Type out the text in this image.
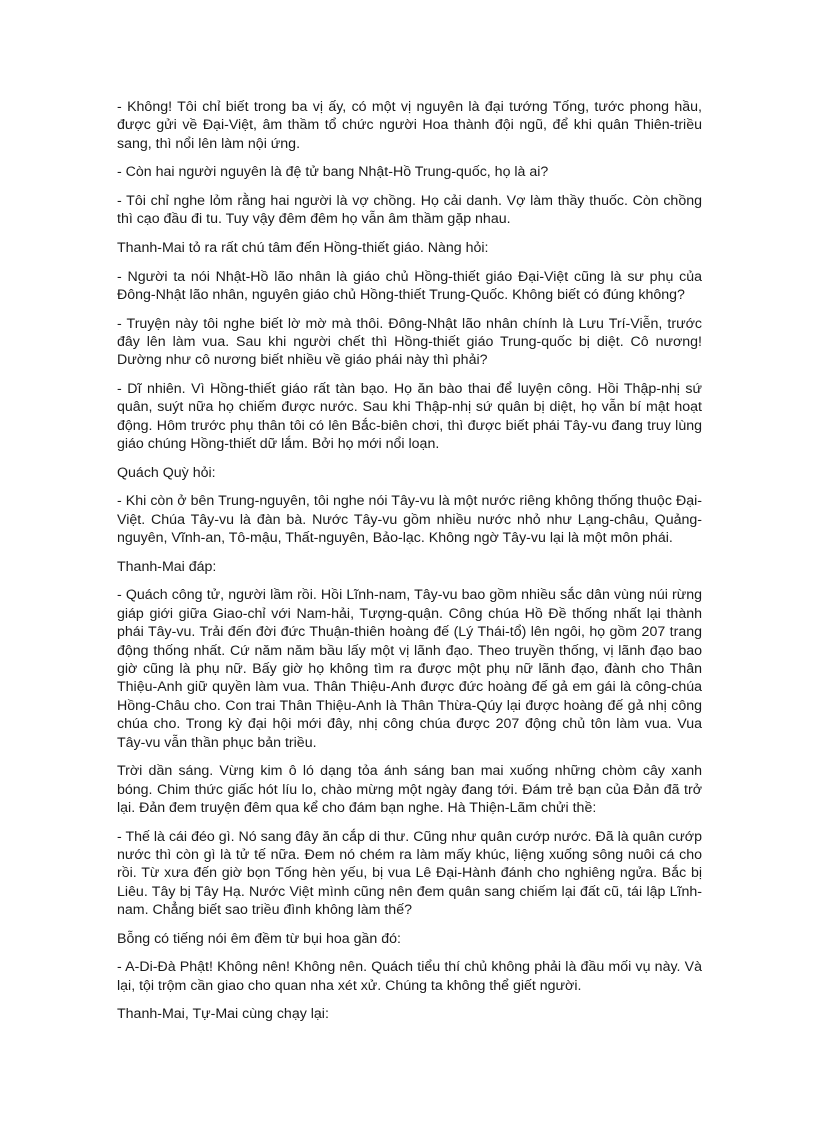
- Không! Tôi chỉ biết trong ba vị ấy, có một vị nguyên là đại tướng Tống, tước phong hầu, được gửi về Đại-Việt, âm thầm tổ chức người Hoa thành đội ngũ, để khi quân Thiên-triều sang, thì nổi lên làm nội ứng.

- Còn hai người nguyên là đệ tử bang Nhật-Hồ Trung-quốc, họ là ai?

- Tôi chỉ nghe lỏm rằng hai người là vợ chồng. Họ cải danh. Vợ làm thầy thuốc. Còn chồng thì cạo đầu đi tu. Tuy vậy đêm đêm họ vẫn âm thầm gặp nhau.

Thanh-Mai tỏ ra rất chú tâm đến Hồng-thiết giáo. Nàng hỏi:

- Người ta nói Nhật-Hồ lão nhân là giáo chủ Hồng-thiết giáo Đại-Việt cũng là sư phụ của Đông-Nhật lão nhân, nguyên giáo chủ Hồng-thiết Trung-Quốc. Không biết có đúng không?

- Truyện này tôi nghe biết lờ mờ mà thôi. Đông-Nhật lão nhân chính là Lưu Trí-Viễn, trước đây lên làm vua. Sau khi người chết thì Hồng-thiết giáo Trung-quốc bị diệt. Cô nương! Dường như cô nương biết nhiều về giáo phái này thì phải?

- Dĩ nhiên. Vì Hồng-thiết giáo rất tàn bạo. Họ ăn bào thai để luyện công. Hồi Thập-nhị sứ quân, suýt nữa họ chiếm được nước. Sau khi Thập-nhị sứ quân bị diệt, họ vẫn bí mật hoạt động. Hôm trước phụ thân tôi có lên Bắc-biên chơi, thì được biết phái Tây-vu đang truy lùng giáo chúng Hồng-thiết dữ lắm. Bởi họ mới nổi loạn.

Quách Quỳ hỏi:

- Khi còn ở bên Trung-nguyên, tôi nghe nói Tây-vu là một nước riêng không thống thuộc Đại-Việt. Chúa Tây-vu là đàn bà. Nước Tây-vu gồm nhiều nước nhỏ như Lạng-châu, Quảng-nguyên, Vĩnh-an, Tô-mậu, Thất-nguyên, Bảo-lạc. Không ngờ Tây-vu lại là một môn phái.

Thanh-Mai đáp:

- Quách công tử, người lầm rồi. Hồi Lĩnh-nam, Tây-vu bao gồm nhiều sắc dân vùng núi rừng giáp giới giữa Giao-chỉ với Nam-hải, Tượng-quận. Công chúa Hồ Đề thống nhất lại thành phái Tây-vu. Trải đến đời đức Thuận-thiên hoàng đế (Lý Thái-tổ) lên ngôi, họ gồm 207 trang động thống nhất. Cứ năm năm bầu lấy một vị lãnh đạo. Theo truyền thống, vị lãnh đạo bao giờ cũng là phụ nữ. Bấy giờ họ không tìm ra được một phụ nữ lãnh đạo, đành cho Thân Thiệu-Anh giữ quyền làm vua. Thân Thiệu-Anh được đức hoàng đế gả em gái là công-chúa Hồng-Châu cho. Con trai Thân Thiệu-Anh là Thân Thừa-Qúy lại được hoàng đế gả nhị công chúa cho. Trong kỳ đại hội mới đây, nhị công chúa được 207 động chủ tôn làm vua. Vua Tây-vu vẫn thần phục bản triều.

Trời dần sáng. Vừng kim ô ló dạng tỏa ánh sáng ban mai xuống những chòm cây xanh bóng. Chim thức giấc hót líu lo, chào mừng một ngày đang tới. Đám trẻ bạn của Đản đã trở lại. Đản đem truyện đêm qua kể cho đám bạn nghe. Hà Thiện-Lãm chửi thề:

- Thế là cái đéo gì. Nó sang đây ăn cắp di thư. Cũng như quân cướp nước. Đã là quân cướp nước thì còn gì là tử tế nữa. Đem nó chém ra làm mấy khúc, liệng xuống sông nuôi cá cho rồi. Từ xưa đến giờ bọn Tống hèn yếu, bị vua Lê Đại-Hành đánh cho nghiêng ngửa. Bắc bị Liêu. Tây bị Tây Hạ. Nước Việt mình cũng nên đem quân sang chiếm lại đất cũ, tái lập Lĩnh-nam. Chẳng biết sao triều đình không làm thế?

Bỗng có tiếng nói êm đềm từ bụi hoa gần đó:

- A-Di-Đà Phật! Không nên! Không nên. Quách tiểu thí chủ không phải là đầu mối vụ này. Và lại, tội trộm cần giao cho quan nha xét xử. Chúng ta không thể giết người.

Thanh-Mai, Tự-Mai cùng chạy lại:
